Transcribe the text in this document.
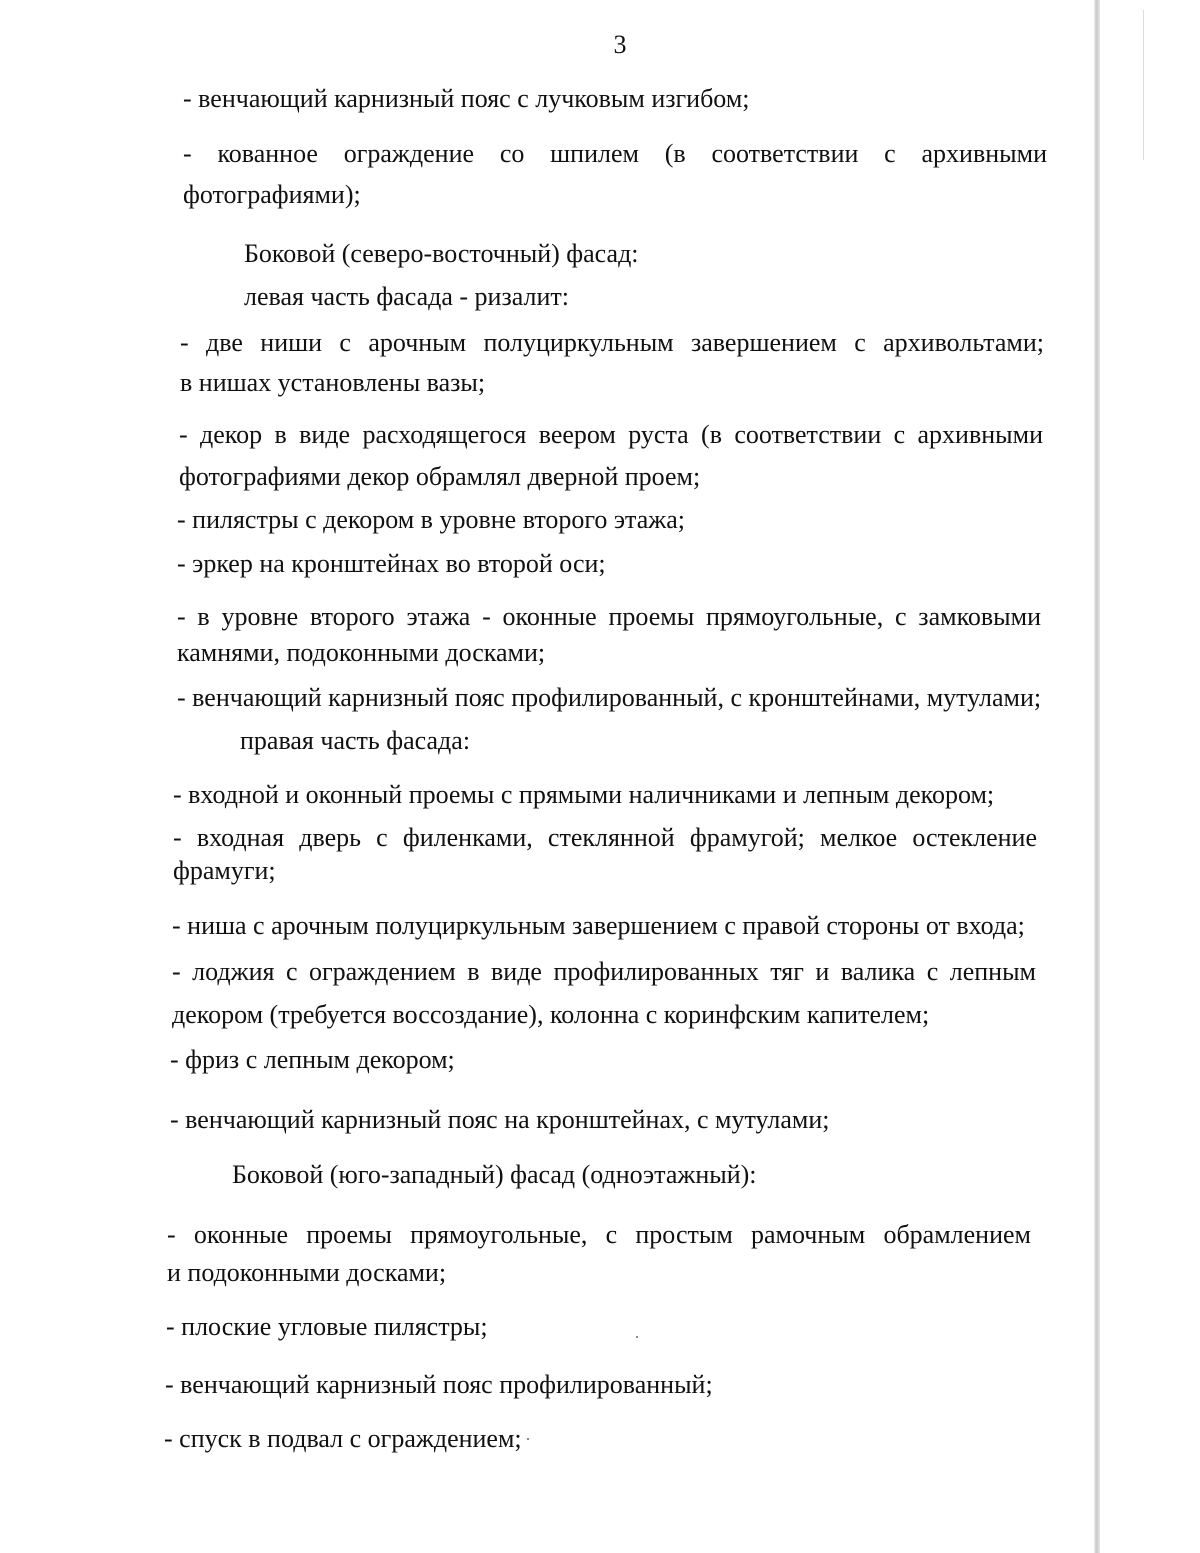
3
- венчающий карнизный пояс с лучковым изгибом;
- кованное ограждение со шпилем (в соответствии с архивными
фотографиями);
Боковой (северо-восточный) фасад:
левая часть фасада - ризалит:
- две ниши с арочным полуциркульным завершением с архивольтами;
в нишах установлены вазы;
- декор в виде расходящегося веером руста (в соответствии с архивными
фотографиями декор обрамлял дверной проем;
- пилястры с декором в уровне второго этажа;
- эркер на кронштейнах во второй оси;
- в уровне второго этажа - оконные проемы прямоугольные, с замковыми
камнями, подоконными досками;
- венчающий карнизный пояс профилированный, с кронштейнами, мутулами;
правая часть фасада:
- входной и оконный проемы с прямыми наличниками и лепным декором;
- входная дверь с филенками, стеклянной фрамугой; мелкое остекление
фрамуги;
- ниша с арочным полуциркульным завершением с правой стороны от входа;
- лоджия с ограждением в виде профилированных тяг и валика с лепным
декором (требуется воссоздание), колонна с коринфским капителем;
- фриз с лепным декором;
- венчающий карнизный пояс на кронштейнах, с мутулами;
Боковой (юго-западный) фасад (одноэтажный):
- оконные проемы прямоугольные, с простым рамочным обрамлением
и подоконными досками;
- плоские угловые пилястры;
- венчающий карнизный пояс профилированный;
- спуск в подвал с ограждением;
